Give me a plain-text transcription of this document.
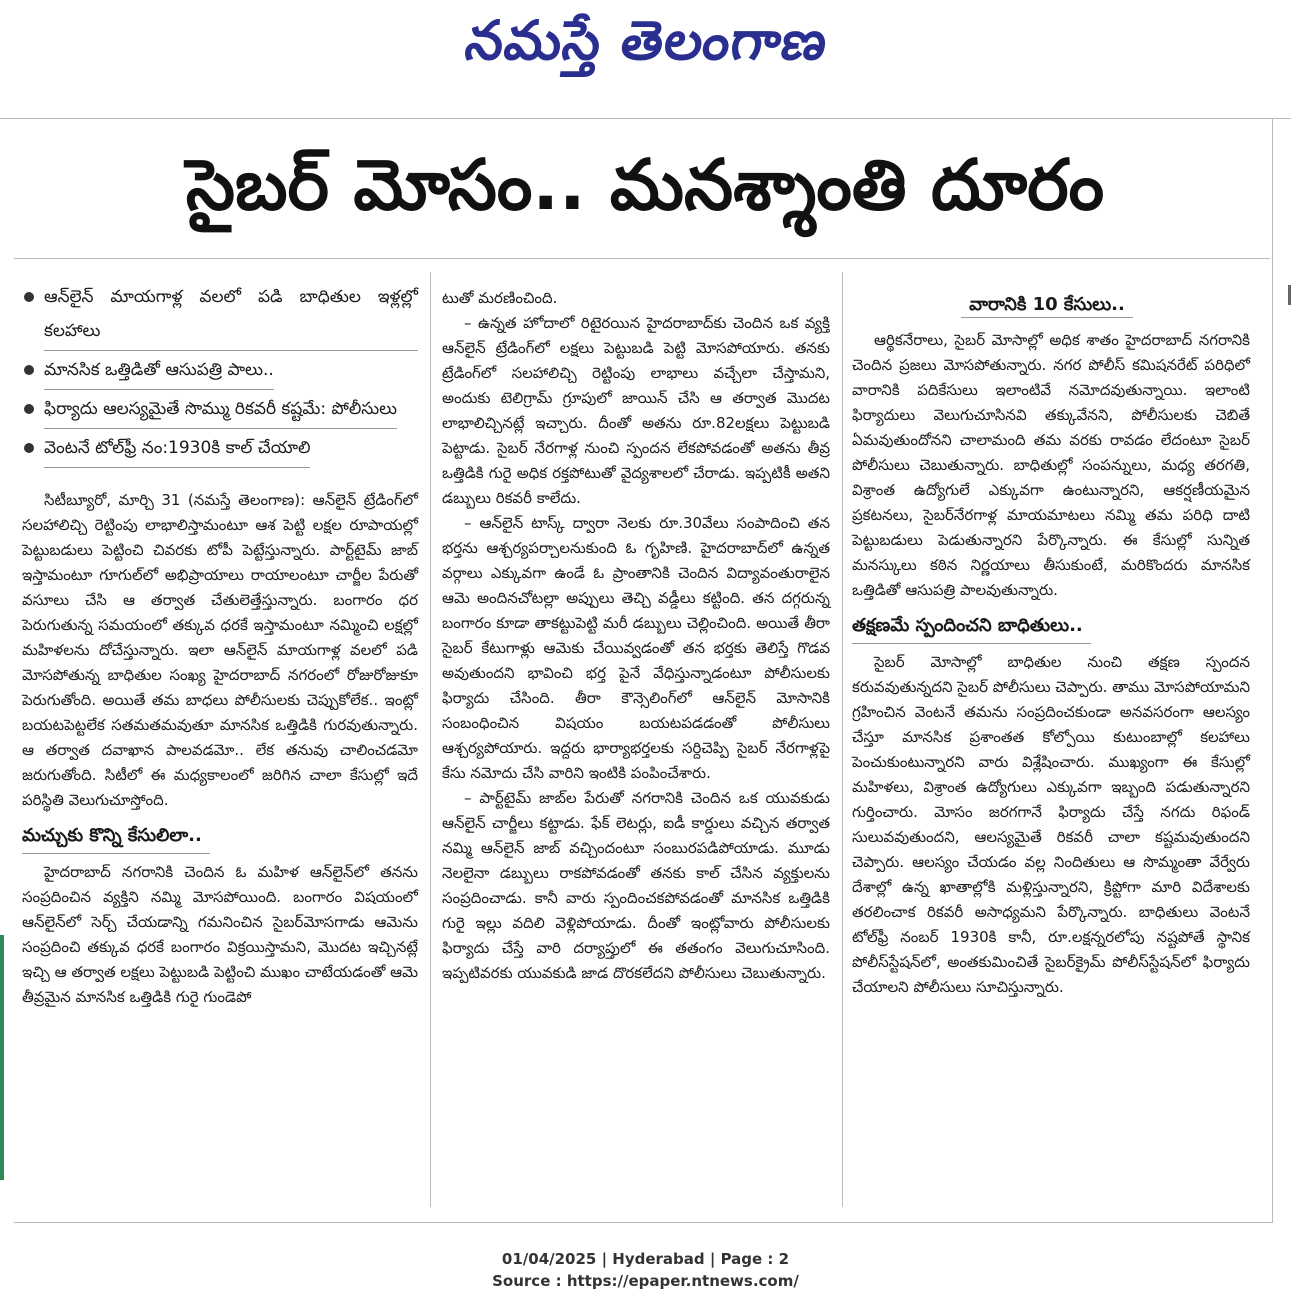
నమస్తే తెలంగాణ
సైబర్ మోసం.. మనశ్శాంతి దూరం
ఆన్‌లైన్ మాయగాళ్ల వలలో పడి బాధితుల ఇళ్లల్లో కలహాలు
మానసిక ఒత్తిడితో ఆసుపత్రి పాలు..
ఫిర్యాదు ఆలస్యమైతే సొమ్ము రికవరీ కష్టమే: పోలీసులు
వెంటనే టోల్‌ఫ్రీ నం:1930కి కాల్ చేయాలి

సిటీబ్యూరో, మార్చి 31 (నమస్తే తెలంగాణ): ఆన్‌లైన్ ట్రేడింగ్‌లో సలహాలిచ్చి రెట్టింపు లాభాలిస్తామంటూ ఆశ పెట్టి లక్షల రూపాయల్లో పెట్టుబడులు పెట్టించి చివరకు టోపీ పెట్టేస్తున్నారు. పార్ట్‌టైమ్ జాబ్ ఇస్తామంటూ గూగుల్‌లో అభిప్రాయాలు రాయాలంటూ చార్జీల పేరుతో వసూలు చేసి ఆ తర్వాత చేతులెత్తేస్తున్నారు. బంగారం ధర పెరుగుతున్న సమయంలో తక్కువ ధరకే ఇస్తామంటూ నమ్మించి లక్షల్లో మహిళలను దోచేస్తున్నారు. ఇలా ఆన్‌లైన్ మాయగాళ్ల వలలో పడి మోసపోతున్న బాధితుల సంఖ్య హైదరాబాద్ నగరంలో రోజురోజుకూ పెరుగుతోంది. అయితే తమ బాధలు పోలీసులకు చెప్పుకోలేక.. ఇంట్లో బయటపెట్టలేక సతమతమవుతూ మానసిక ఒత్తిడికి గురవుతున్నారు. ఆ తర్వాత దవాఖాన పాలవడమో.. లేక తనువు చాలించడమో జరుగుతోంది. సిటీలో ఈ మధ్యకాలంలో జరిగిన చాలా కేసుల్లో ఇదే పరిస్థితి వెలుగుచూస్తోంది.

మచ్చుకు కొన్ని కేసులిలా..

హైదరాబాద్ నగరానికి చెందిన ఓ మహిళ ఆన్‌లైన్‌లో తనను సంప్రదించిన వ్యక్తిని నమ్మి మోసపోయింది. బంగారం విషయంలో ఆన్‌లైన్‌లో సెర్చ్ చేయడాన్ని గమనించిన సైబర్‌మోసగాడు ఆమెను సంప్రదించి తక్కువ ధరకే బంగారం విక్రయిస్తామని, మొదట ఇచ్చినట్లే ఇచ్చి ఆ తర్వాత లక్షలు పెట్టుబడి పెట్టించి ముఖం చాటేయడంతో ఆమె తీవ్రమైన మానసిక ఒత్తిడికి గురై గుండెపో

టుతో మరణించింది.

– ఉన్నత హోదాలో రిటైరయిన హైదరాబాద్‌కు చెందిన ఒక వ్యక్తి ఆన్‌లైన్ ట్రేడింగ్‌లో లక్షలు పెట్టుబడి పెట్టి మోసపోయారు. తనకు ట్రేడింగ్‌లో సలహాలిచ్చి రెట్టింపు లాభాలు వచ్చేలా చేస్తామని, అందుకు టెలిగ్రామ్ గ్రూపులో జాయిన్ చేసి ఆ తర్వాత మొదట లాభాలిచ్చినట్లే ఇచ్చారు. దీంతో అతను రూ.82లక్షలు పెట్టుబడి పెట్టాడు. సైబర్ నేరగాళ్ల నుంచి స్పందన లేకపోవడంతో అతను తీవ్ర ఒత్తిడికి గురై అధిక రక్తపోటుతో వైద్యశాలలో చేరాడు. ఇప్పటికీ అతని డబ్బులు రికవరీ కాలేదు.

– ఆన్‌లైన్ టాస్క్ ద్వారా నెలకు రూ.30వేలు సంపాదించి తన భర్తను ఆశ్చర్యపర్చాలనుకుంది ఓ గృహిణి. హైదరాబాద్‌లో ఉన్నత వర్గాలు ఎక్కువగా ఉండే ఓ ప్రాంతానికి చెందిన విద్యావంతురాలైన ఆమె అందినచోటల్లా అప్పులు తెచ్చి వడ్డీలు కట్టింది. తన దగ్గరున్న బంగారం కూడా తాకట్టుపెట్టి మరీ డబ్బులు చెల్లించింది. అయితే తీరా సైబర్ కేటుగాళ్లు ఆమెకు చేయివ్వడంతో తన భర్తకు తెలిస్తే గొడవ అవుతుందని భావించి భర్త పైనే వేధిస్తున్నాడంటూ పోలీసులకు ఫిర్యాదు చేసింది. తీరా కౌన్సెలింగ్‌లో ఆన్‌లైన్ మోసానికి సంబంధించిన విషయం బయటపడడంతో పోలీసులు ఆశ్చర్యపోయారు. ఇద్దరు భార్యాభర్తలకు సర్దిచెప్పి సైబర్ నేరగాళ్లపై కేసు నమోదు చేసి వారిని ఇంటికి పంపించేశారు.

– పార్ట్‌టైమ్ జాబ్‌ల పేరుతో నగరానికి చెందిన ఒక యువకుడు ఆన్‌లైన్ చార్జీలు కట్టాడు. ఫేక్ లెటర్లు, ఐడీ కార్డులు వచ్చిన తర్వాత నమ్మి ఆన్‌లైన్ జాబ్ వచ్చిందంటూ సంబురపడిపోయాడు. మూడు నెలలైనా డబ్బులు రాకపోవడంతో తనకు కాల్ చేసిన వ్యక్తులను సంప్రదించాడు. కానీ వారు స్పందించకపోవడంతో మానసిక ఒత్తిడికి గురై ఇల్లు వదిలి వెళ్లిపోయాడు. దీంతో ఇంట్లోవారు పోలీసులకు ఫిర్యాదు చేస్తే వారి దర్యాప్తులో ఈ తతంగం వెలుగుచూసింది. ఇప్పటివరకు యువకుడి జాడ దొరకలేదని పోలీసులు చెబుతున్నారు.

వారానికి 10 కేసులు..

ఆర్థికనేరాలు, సైబర్ మోసాల్లో అధిక శాతం హైదరాబాద్ నగరానికి చెందిన ప్రజలు మోసపోతున్నారు. నగర పోలీస్ కమిషనరేట్ పరిధిలో వారానికి పదికేసులు ఇలాంటివే నమోదవుతున్నాయి. ఇలాంటి ఫిర్యాదులు వెలుగుచూసినవి తక్కువేనని, పోలీసులకు చెబితే ఏమవుతుందోనని చాలామంది తమ వరకు రావడం లేదంటూ సైబర్ పోలీసులు చెబుతున్నారు. బాధితుల్లో సంపన్నులు, మధ్య తరగతి, విశ్రాంత ఉద్యోగులే ఎక్కువగా ఉంటున్నారని, ఆకర్షణీయమైన ప్రకటనలు, సైబర్‌నేరగాళ్ల మాయమాటలు నమ్మి తమ పరిధి దాటి పెట్టుబడులు పెడుతున్నారని పేర్కొన్నారు. ఈ కేసుల్లో సున్నిత మనస్కులు కఠిన నిర్ణయాలు తీసుకుంటే, మరికొందరు మానసిక ఒత్తిడితో ఆసుపత్రి పాలవుతున్నారు.

తక్షణమే స్పందించని బాధితులు..

సైబర్ మోసాల్లో బాధితుల నుంచి తక్షణ స్పందన కరువవుతున్నదని సైబర్ పోలీసులు చెప్పారు. తాము మోసపోయామని గ్రహించిన వెంటనే తమను సంప్రదించకుండా అనవసరంగా ఆలస్యం చేస్తూ మానసిక ప్రశాంతత కోల్పోయి కుటుంబాల్లో కలహాలు పెంచుకుంటున్నారని వారు విశ్లేషించారు. ముఖ్యంగా ఈ కేసుల్లో మహిళలు, విశ్రాంత ఉద్యోగులు ఎక్కువగా ఇబ్బంది పడుతున్నారని గుర్తించారు. మోసం జరగగానే ఫిర్యాదు చేస్తే నగదు రిఫండ్ సులువవుతుందని, ఆలస్యమైతే రికవరీ చాలా కష్టమవుతుందని చెప్పారు. ఆలస్యం చేయడం వల్ల నిందితులు ఆ సొమ్మంతా వేర్వేరు దేశాల్లో ఉన్న ఖాతాల్లోకి మళ్లిస్తున్నారని, క్రిప్టోగా మారి విదేశాలకు తరలించాక రికవరీ అసాధ్యమని పేర్కొన్నారు. బాధితులు వెంటనే టోల్‌ఫ్రీ నంబర్ 1930కి కానీ, రూ.లక్షన్నరలోపు నష్టపోతే స్థానిక పోలీస్‌స్టేషన్‌లో, అంతకుమించితే సైబర్‌క్రైమ్ పోలీస్‌స్టేషన్‌లో ఫిర్యాదు చేయాలని పోలీసులు సూచిస్తున్నారు.

01/04/2025 | Hyderabad | Page : 2
Source : https://epaper.ntnews.com/
